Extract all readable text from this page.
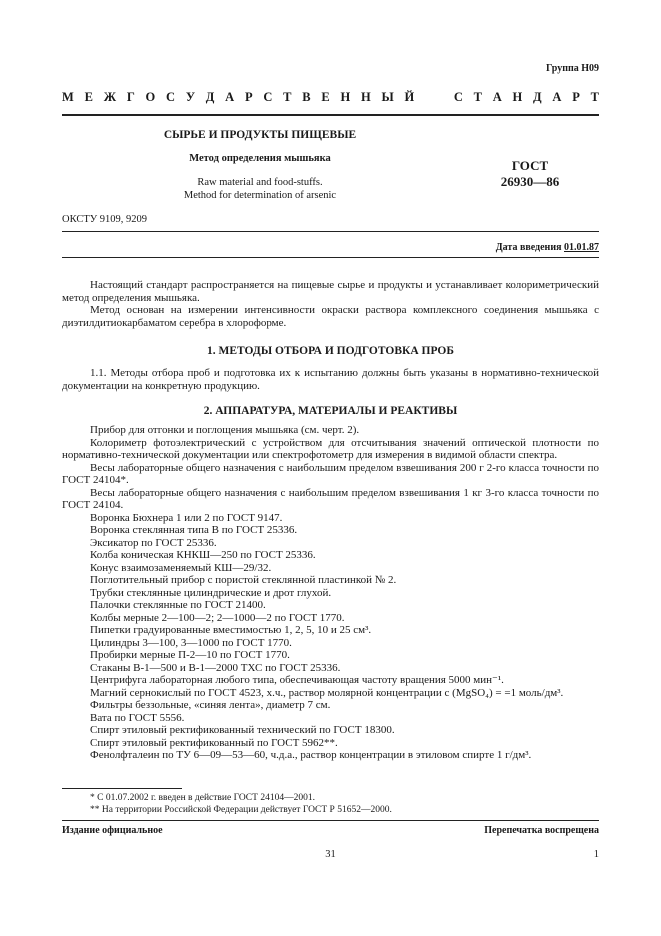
Группа Н09
М Е Ж Г О С У Д А Р С Т В Е Н Н Ы Й	С Т А Н Д А Р Т
СЫРЬЕ И ПРОДУКТЫ ПИЩЕВЫЕ
Метод определения мышьяка
Raw material and food-stuffs.
Method for determination of arsenic
ГОСТ
26930—86
ОКСТУ 9109, 9209
Дата введения 01.01.87

Настоящий стандарт распространяется на пищевые сырье и продукты и устанавливает колориметрический метод определения мышьяка.

Метод основан на измерении интенсивности окраски раствора комплексного соединения мышьяка с диэтилдитиокарбаматом серебра в хлороформе.

1. МЕТОДЫ ОТБОРА И ПОДГОТОВКА ПРОБ

1.1. Методы отбора проб и подготовка их к испытанию должны быть указаны в нормативно-технической документации на конкретную продукцию.

2. АППАРАТУРА, МАТЕРИАЛЫ И РЕАКТИВЫ

Прибор для отгонки и поглощения мышьяка (см. черт. 2).

Колориметр фотоэлектрический с устройством для отсчитывания значений оптической плотности по нормативно-технической документации или спектрофотометр для измерения в видимой области спектра.

Весы лабораторные общего назначения с наибольшим пределом взвешивания 200 г 2-го класса точности по ГОСТ 24104*.

Весы лабораторные общего назначения с наибольшим пределом взвешивания 1 кг 3-го класса точности по ГОСТ 24104.

Воронка Бюхнера 1 или 2 по ГОСТ 9147.

Воронка стеклянная типа В по ГОСТ 25336.

Эксикатор по ГОСТ 25336.

Колба коническая КНКШ—250 по ГОСТ 25336.

Конус взаимозаменяемый КШ—29/32.

Поглотительный прибор с пористой стеклянной пластинкой № 2.

Трубки стеклянные цилиндрические и дрот глухой.

Палочки стеклянные по ГОСТ 21400.

Колбы мерные 2—100—2; 2—1000—2 по ГОСТ 1770.

Пипетки градуированные вместимостью 1, 2, 5, 10 и 25 см³.

Цилиндры 3—100, 3—1000 по ГОСТ 1770.

Пробирки мерные П-2—10 по ГОСТ 1770.

Стаканы В-1—500 и В-1—2000 ТХС по ГОСТ 25336.

Центрифуга лабораторная любого типа, обеспечивающая частоту вращения 5000 мин⁻¹.

Магний сернокислый по ГОСТ 4523, х.ч., раствор молярной концентрации c (MgSO₄) = =1 моль/дм³.

Фильтры беззольные, «синяя лента», диаметр 7 см.

Вата по ГОСТ 5556.

Спирт этиловый ректификованный технический по ГОСТ 18300.

Спирт этиловый ректификованный по ГОСТ 5962**.

Фенолфталеин по ТУ 6—09—53—60, ч.д.а., раствор концентрации в этиловом спирте 1 г/дм³.

* С 01.07.2002 г. введен в действие ГОСТ 24104—2001.
** На территории Российской Федерации действует ГОСТ Р 51652—2000.
Издание официальное	Перепечатка воспрещена
31	1
